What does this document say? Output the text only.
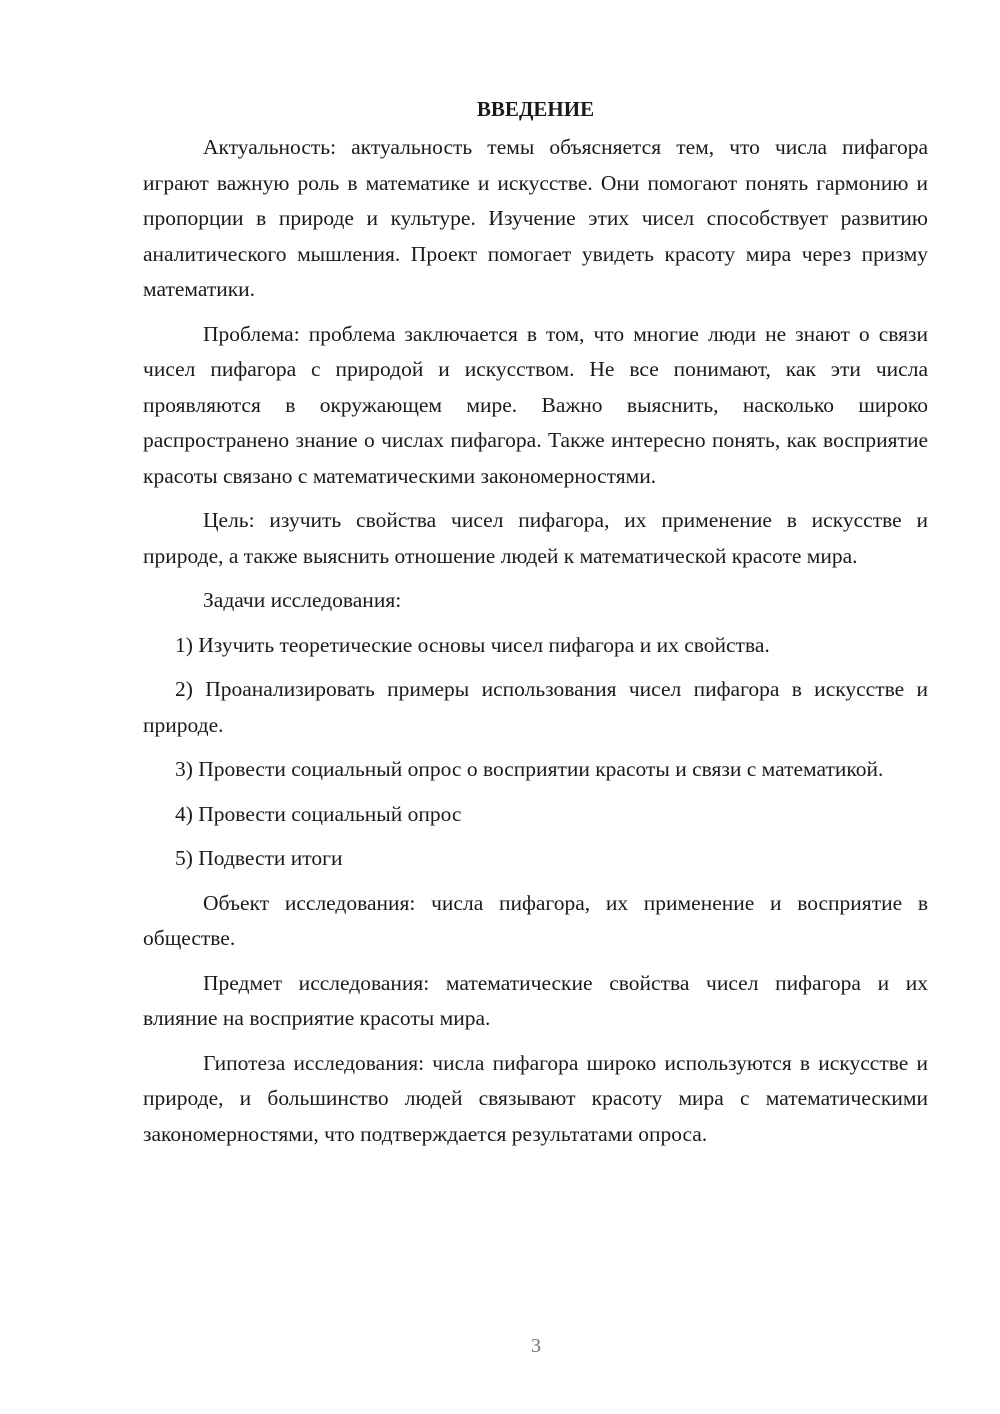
ВВЕДЕНИЕ

Актуальность: актуальность темы объясняется тем, что числа пифагора играют важную роль в математике и искусстве. Они помогают понять гармонию и пропорции в природе и культуре. Изучение этих чисел способствует развитию аналитического мышления. Проект помогает увидеть красоту мира через призму математики.

Проблема: проблема заключается в том, что многие люди не знают о связи чисел пифагора с природой и искусством. Не все понимают, как эти числа проявляются в окружающем мире. Важно выяснить, насколько широко распространено знание о числах пифагора. Также интересно понять, как восприятие красоты связано с математическими закономерностями.

Цель: изучить свойства чисел пифагора, их применение в искусстве и природе, а также выяснить отношение людей к математической красоте мира.

Задачи исследования:

1) Изучить теоретические основы чисел пифагора и их свойства.

2) Проанализировать примеры использования чисел пифагора в искусстве и природе.

3) Провести социальный опрос о восприятии красоты и связи с математикой.

4) Провести социальный опрос

5) Подвести итоги

Объект исследования: числа пифагора, их применение и восприятие в обществе.

Предмет исследования: математические свойства чисел пифагора и их влияние на восприятие красоты мира.

Гипотеза исследования: числа пифагора широко используются в искусстве и природе, и большинство людей связывают красоту мира с математическими закономерностями, что подтверждается результатами опроса.

3
